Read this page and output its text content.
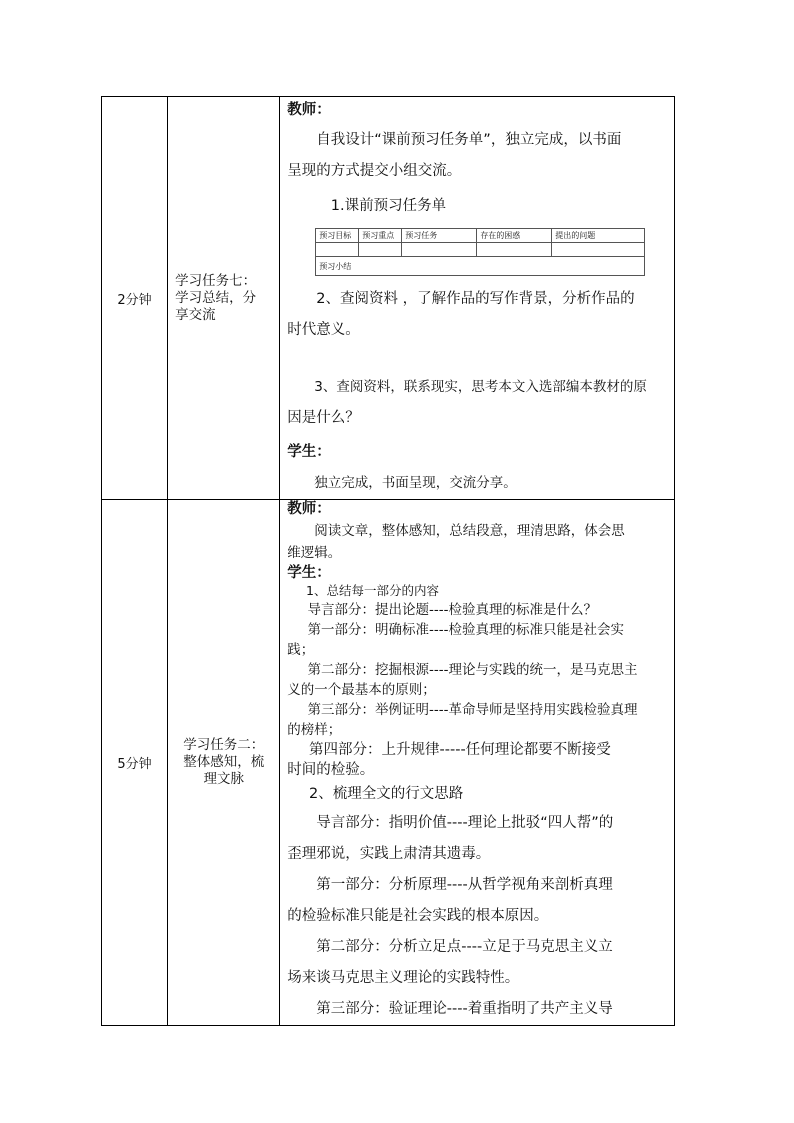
2分钟	
学习任务七：
学习总结，分
享交流

教师：

自我设计“课前预习任务单”，独立完成，以书面

呈现的方式提交小组交流。

1.课前预习任务单

预习目标	预习重点	预习任务	存在的困惑	提出的问题

预习小结

2、查阅资料 ，了解作品的写作背景，分析作品的

时代意义。

3、查阅资料，联系现实，思考本文入选部编本教材的原

因是什么？

学生：

独立完成，书面呈现，交流分享。

5分钟	
学习任务二：
整体感知，梳
理文脉

教师：

阅读文章，整体感知，总结段意，理清思路，体会思

维逻辑。

学生：

1、总结每一部分的内容

导言部分：提出论题----检验真理的标准是什么？

第一部分：明确标准----检验真理的标准只能是社会实

践；

第二部分：挖掘根源----理论与实践的统一，是马克思主

义的一个最基本的原则；

第三部分：举例证明----革命导师是坚持用实践检验真理

的榜样；

第四部分：上升规律-----任何理论都要不断接受

时间的检验。

2、梳理全文的行文思路

导言部分：指明价值----理论上批驳“四人帮”的

歪理邪说，实践上肃清其遗毒。

第一部分：分析原理----从哲学视角来剖析真理

的检验标准只能是社会实践的根本原因。

第二部分：分析立足点----立足于马克思主义立

场来谈马克思主义理论的实践特性。

第三部分：验证理论----着重指明了共产主义导
